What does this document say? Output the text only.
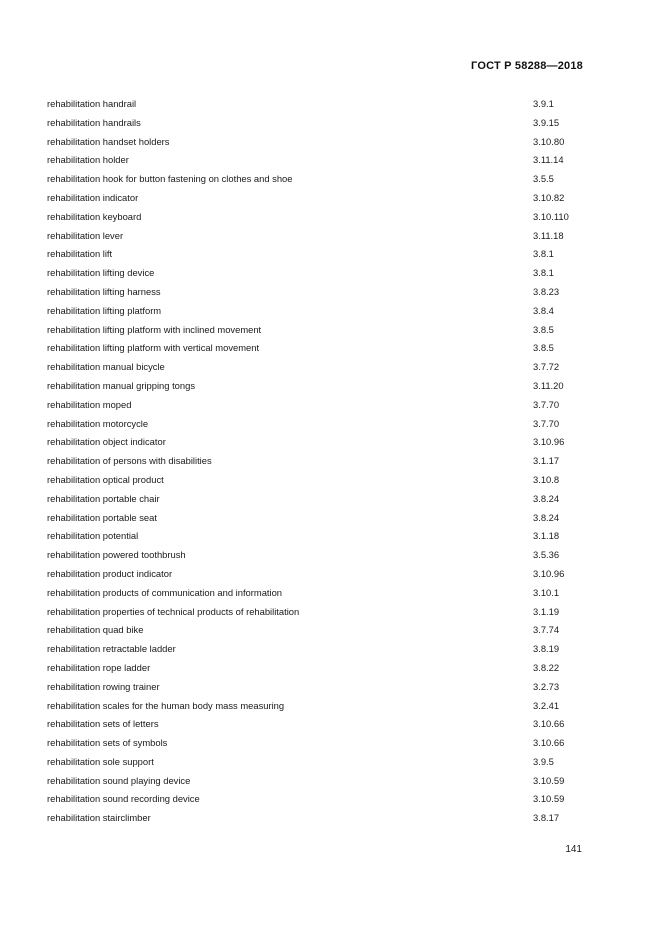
ГОСТ Р 58288—2018
rehabilitation handrail	3.9.1
rehabilitation handrails	3.9.15
rehabilitation handset holders	3.10.80
rehabilitation holder	3.11.14
rehabilitation hook for button fastening on clothes and shoe	3.5.5
rehabilitation indicator	3.10.82
rehabilitation keyboard	3.10.110
rehabilitation lever	3.11.18
rehabilitation lift	3.8.1
rehabilitation lifting device	3.8.1
rehabilitation lifting harness	3.8.23
rehabilitation lifting platform	3.8.4
rehabilitation lifting platform with inclined movement	3.8.5
rehabilitation lifting platform with vertical movement	3.8.5
rehabilitation manual bicycle	3.7.72
rehabilitation manual gripping tongs	3.11.20
rehabilitation moped	3.7.70
rehabilitation motorcycle	3.7.70
rehabilitation object indicator	3.10.96
rehabilitation of persons with disabilities	3.1.17
rehabilitation optical product	3.10.8
rehabilitation portable chair	3.8.24
rehabilitation portable seat	3.8.24
rehabilitation potential	3.1.18
rehabilitation powered toothbrush	3.5.36
rehabilitation product indicator	3.10.96
rehabilitation products of communication and information	3.10.1
rehabilitation properties of technical products of rehabilitation	3.1.19
rehabilitation quad bike	3.7.74
rehabilitation retractable ladder	3.8.19
rehabilitation rope ladder	3.8.22
rehabilitation rowing trainer	3.2.73
rehabilitation scales for the human body mass measuring	3.2.41
rehabilitation sets of letters	3.10.66
rehabilitation sets of symbols	3.10.66
rehabilitation sole support	3.9.5
rehabilitation sound playing device	3.10.59
rehabilitation sound recording device	3.10.59
rehabilitation stairclimber	3.8.17
141
